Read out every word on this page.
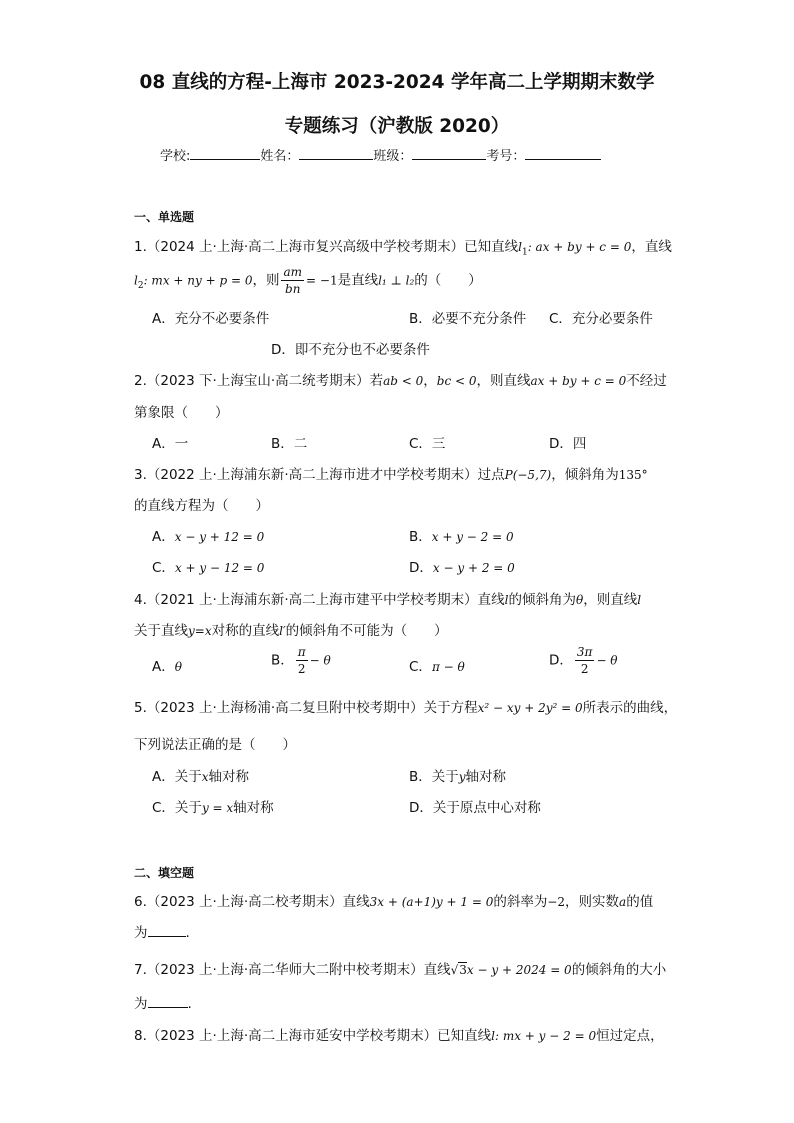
08 直线的方程-上海市 2023-2024 学年高二上学期期末数学
专题练习（沪教版 2020）
学校:	姓名：	班级：	考号：
一、单选题
1.（2024 上·上海·高二上海市复兴高级中学校考期末）已知直线$l_1$: ax + by + c = 0，直线
$l_2$: mx + ny + p = 0，则 $\frac{am}{bn} = -1$是直线l₁ ⊥ l₂的（　　）
A．充分不必要条件	B．必要不充分条件 C．充分必要条件
D．即不充分也不必要条件
2.（2023 下·上海宝山·高二统考期末）若ab < 0，bc < 0，则直线ax + by + c = 0不经过
第象限（　　）
A．一	B．二	C．三	D．四
3.（2022 上·上海浦东新·高二上海市进才中学校考期末）过点P(−5,7)，倾斜角为135°
的直线方程为（　　）
A．x − y + 12 = 0	B．x + y − 2 = 0
C．x + y − 12 = 0	D．x − y + 2 = 0
4.（2021 上·上海浦东新·高二上海市建平中学校考期末）直线l的倾斜角为θ，则直线l
关于直线y=x对称的直线l′的倾斜角不可能为（　　）
A．θ	B． $\frac{\pi}{2} - \theta$	C．π − θ	D． $\frac{3\pi}{2} - \theta$
5.（2023 上·上海杨浦·高二复旦附中校考期中）关于方程x² − xy + 2y² = 0所表示的曲线，
下列说法正确的是（　　）
A．关于x轴对称	B．关于y轴对称
C．关于y = x轴对称	D．关于原点中心对称
二、填空题
6.（2023 上·上海·高二校考期末）直线3x + (a+1)y + 1 = 0的斜率为−2，则实数a的值
为	.
7.（2023 上·上海·高二华师大二附中校考期末）直线√3x − y + 2024 = 0的倾斜角的大小
为	.
8.（2023 上·上海·高二上海市延安中学校考期末）已知直线l: mx + y − 2 = 0恒过定点，
